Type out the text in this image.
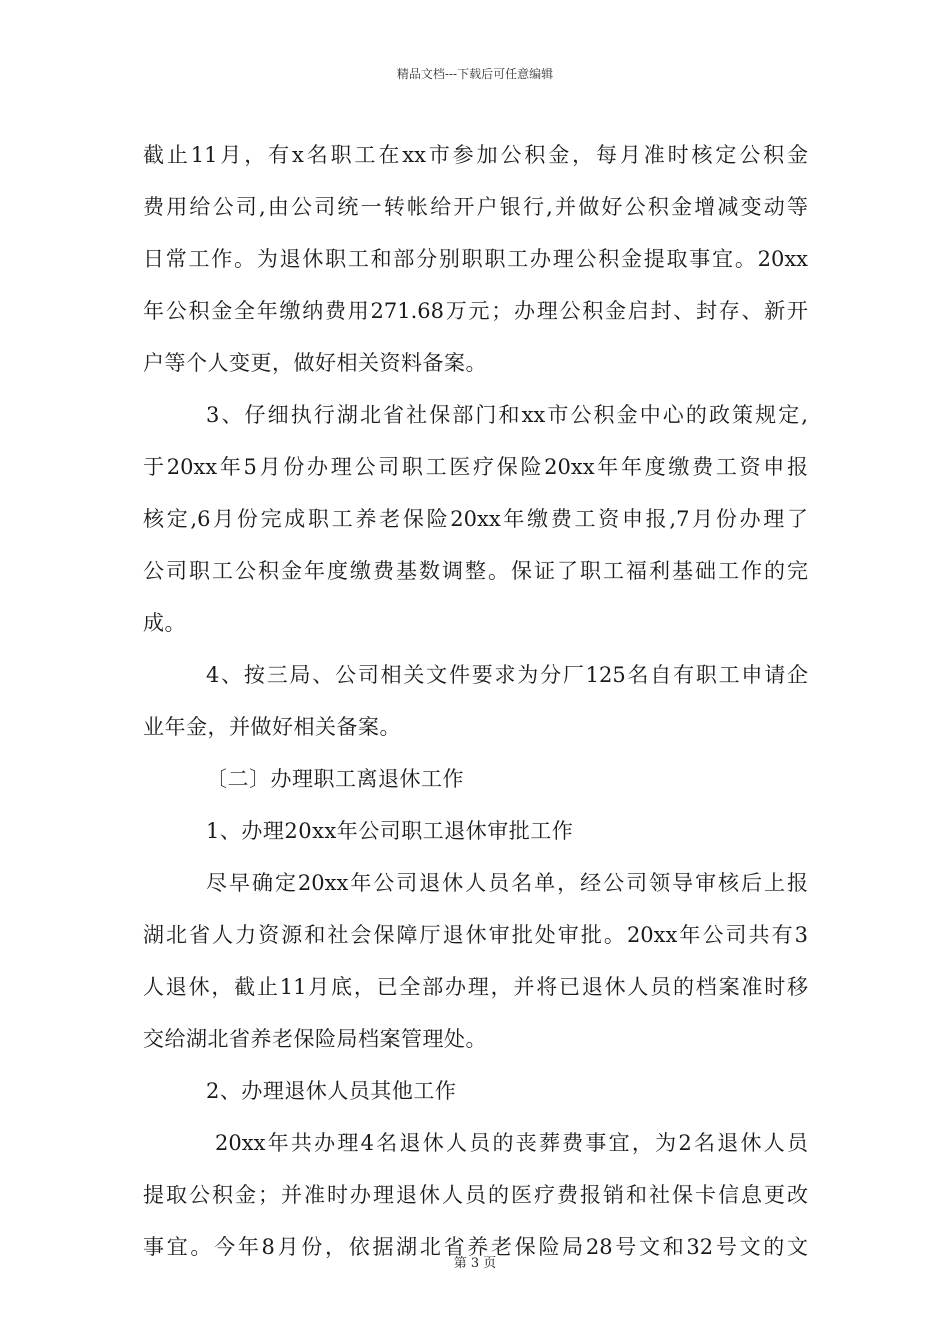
精品文档---下载后可任意编辑
截止11月，有x名职工在xx市参加公积金，每月准时核定公积金
费用给公司,由公司统一转帐给开户银行,并做好公积金增减变动等
日常工作。为退休职工和部分别职职工办理公积金提取事宜。20xx
年公积金全年缴纳费用271.68万元；办理公积金启封、封存、新开
户等个人变更，做好相关资料备案。
3、仔细执行湖北省社保部门和xx市公积金中心的政策规定,
于20xx年5月份办理公司职工医疗保险20xx年年度缴费工资申报
核定,6月份完成职工养老保险20xx年缴费工资申报,7月份办理了
公司职工公积金年度缴费基数调整。保证了职工福利基础工作的完
成。
4、按三局、公司相关文件要求为分厂125名自有职工申请企
业年金，并做好相关备案。
〔二〕办理职工离退休工作
1、办理20xx年公司职工退休审批工作
尽早确定20xx年公司退休人员名单，经公司领导审核后上报
湖北省人力资源和社会保障厅退休审批处审批。20xx年公司共有3
人退休，截止11月底，已全部办理，并将已退休人员的档案准时移
交给湖北省养老保险局档案管理处。
2、办理退休人员其他工作
20xx年共办理4名退休人员的丧葬费事宜，为2名退休人员
提取公积金；并准时办理退休人员的医疗费报销和社保卡信息更改
事宜。今年8月份，依据湖北省养老保险局28号文和32号文的文
第 3 页
